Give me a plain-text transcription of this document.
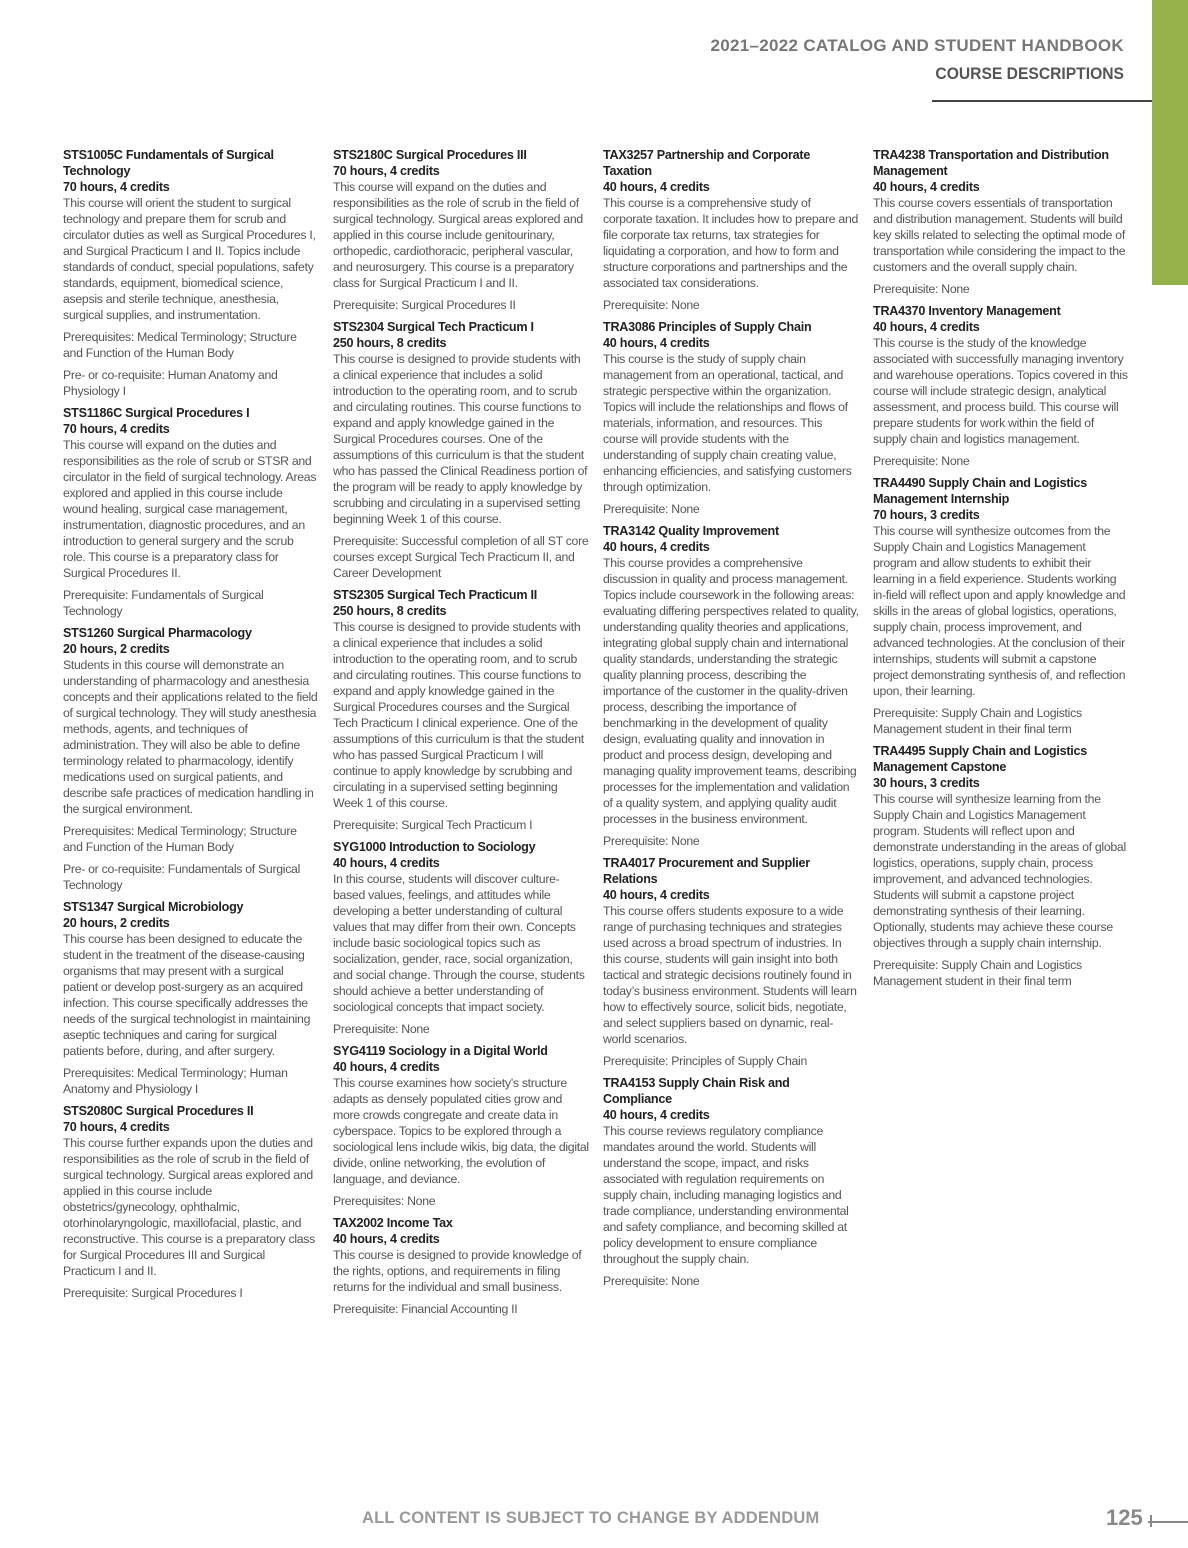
2021–2022 CATALOG AND STUDENT HANDBOOK
COURSE DESCRIPTIONS
STS1005C Fundamentals of Surgical Technology
70 hours, 4 credits
This course will orient the student to surgical technology and prepare them for scrub and circulator duties as well as Surgical Procedures I, and Surgical Practicum I and II. Topics include standards of conduct, special populations, safety standards, equipment, biomedical science, asepsis and sterile technique, anesthesia, surgical supplies, and instrumentation.
Prerequisites: Medical Terminology; Structure and Function of the Human Body
Pre- or co-requisite: Human Anatomy and Physiology I
STS1186C Surgical Procedures I
70 hours, 4 credits
This course will expand on the duties and responsibilities as the role of scrub or STSR and circulator in the field of surgical technology. Areas explored and applied in this course include wound healing, surgical case management, instrumentation, diagnostic procedures, and an introduction to general surgery and the scrub role. This course is a preparatory class for Surgical Procedures II.
Prerequisite: Fundamentals of Surgical Technology
STS1260 Surgical Pharmacology
20 hours, 2 credits
Students in this course will demonstrate an understanding of pharmacology and anesthesia concepts and their applications related to the field of surgical technology. They will study anesthesia methods, agents, and techniques of administration. They will also be able to define terminology related to pharmacology, identify medications used on surgical patients, and describe safe practices of medication handling in the surgical environment.
Prerequisites: Medical Terminology; Structure and Function of the Human Body
Pre- or co-requisite: Fundamentals of Surgical Technology
STS1347 Surgical Microbiology
20 hours, 2 credits
This course has been designed to educate the student in the treatment of the disease-causing organisms that may present with a surgical patient or develop post-surgery as an acquired infection. This course specifically addresses the needs of the surgical technologist in maintaining aseptic techniques and caring for surgical patients before, during, and after surgery.
Prerequisites: Medical Terminology; Human Anatomy and Physiology I
STS2080C Surgical Procedures II
70 hours, 4 credits
This course further expands upon the duties and responsibilities as the role of scrub in the field of surgical technology. Surgical areas explored and applied in this course include obstetrics/gynecology, ophthalmic, otorhinolaryngologic, maxillofacial, plastic, and reconstructive. This course is a preparatory class for Surgical Procedures III and Surgical Practicum I and II.
Prerequisite: Surgical Procedures I
STS2180C Surgical Procedures III
70 hours, 4 credits
This course will expand on the duties and responsibilities as the role of scrub in the field of surgical technology. Surgical areas explored and applied in this course include genitourinary, orthopedic, cardiothoracic, peripheral vascular, and neurosurgery. This course is a preparatory class for Surgical Practicum I and II.
Prerequisite: Surgical Procedures II
STS2304 Surgical Tech Practicum I
250 hours, 8 credits
This course is designed to provide students with a clinical experience that includes a solid introduction to the operating room, and to scrub and circulating routines. This course functions to expand and apply knowledge gained in the Surgical Procedures courses. One of the assumptions of this curriculum is that the student who has passed the Clinical Readiness portion of the program will be ready to apply knowledge by scrubbing and circulating in a supervised setting beginning Week 1 of this course.
Prerequisite: Successful completion of all ST core courses except Surgical Tech Practicum II, and Career Development
STS2305 Surgical Tech Practicum II
250 hours, 8 credits
This course is designed to provide students with a clinical experience that includes a solid introduction to the operating room, and to scrub and circulating routines. This course functions to expand and apply knowledge gained in the Surgical Procedures courses and the Surgical Tech Practicum I clinical experience. One of the assumptions of this curriculum is that the student who has passed Surgical Practicum I will continue to apply knowledge by scrubbing and circulating in a supervised setting beginning Week 1 of this course.
Prerequisite: Surgical Tech Practicum I
SYG1000 Introduction to Sociology
40 hours, 4 credits
In this course, students will discover culture-based values, feelings, and attitudes while developing a better understanding of cultural values that may differ from their own. Concepts include basic sociological topics such as socialization, gender, race, social organization, and social change. Through the course, students should achieve a better understanding of sociological concepts that impact society.
Prerequisite: None
SYG4119 Sociology in a Digital World
40 hours, 4 credits
This course examines how society’s structure adapts as densely populated cities grow and more crowds congregate and create data in cyberspace. Topics to be explored through a sociological lens include wikis, big data, the digital divide, online networking, the evolution of language, and deviance.
Prerequisites: None
TAX2002 Income Tax
40 hours, 4 credits
This course is designed to provide knowledge of the rights, options, and requirements in filing returns for the individual and small business.
Prerequisite: Financial Accounting II
TAX3257 Partnership and Corporate Taxation
40 hours, 4 credits
This course is a comprehensive study of corporate taxation. It includes how to prepare and file corporate tax returns, tax strategies for liquidating a corporation, and how to form and structure corporations and partnerships and the associated tax considerations.
Prerequisite: None
TRA3086 Principles of Supply Chain
40 hours, 4 credits
This course is the study of supply chain management from an operational, tactical, and strategic perspective within the organization. Topics will include the relationships and flows of materials, information, and resources. This course will provide students with the understanding of supply chain creating value, enhancing efficiencies, and satisfying customers through optimization.
Prerequisite: None
TRA3142 Quality Improvement
40 hours, 4 credits
This course provides a comprehensive discussion in quality and process management. Topics include coursework in the following areas: evaluating differing perspectives related to quality, understanding quality theories and applications, integrating global supply chain and international quality standards, understanding the strategic quality planning process, describing the importance of the customer in the quality-driven process, describing the importance of benchmarking in the development of quality design, evaluating quality and innovation in product and process design, developing and managing quality improvement teams, describing processes for the implementation and validation of a quality system, and applying quality audit processes in the business environment.
Prerequisite: None
TRA4017 Procurement and Supplier Relations
40 hours, 4 credits
This course offers students exposure to a wide range of purchasing techniques and strategies used across a broad spectrum of industries. In this course, students will gain insight into both tactical and strategic decisions routinely found in today’s business environment. Students will learn how to effectively source, solicit bids, negotiate, and select suppliers based on dynamic, real-world scenarios.
Prerequisite: Principles of Supply Chain
TRA4153 Supply Chain Risk and Compliance
40 hours, 4 credits
This course reviews regulatory compliance mandates around the world. Students will understand the scope, impact, and risks associated with regulation requirements on supply chain, including managing logistics and trade compliance, understanding environmental and safety compliance, and becoming skilled at policy development to ensure compliance throughout the supply chain.
Prerequisite: None
TRA4238 Transportation and Distribution Management
40 hours, 4 credits
This course covers essentials of transportation and distribution management. Students will build key skills related to selecting the optimal mode of transportation while considering the impact to the customers and the overall supply chain.
Prerequisite: None
TRA4370 Inventory Management
40 hours, 4 credits
This course is the study of the knowledge associated with successfully managing inventory and warehouse operations. Topics covered in this course will include strategic design, analytical assessment, and process build. This course will prepare students for work within the field of supply chain and logistics management.
Prerequisite: None
TRA4490 Supply Chain and Logistics Management Internship
70 hours, 3 credits
This course will synthesize outcomes from the Supply Chain and Logistics Management program and allow students to exhibit their learning in a field experience. Students working in-field will reflect upon and apply knowledge and skills in the areas of global logistics, operations, supply chain, process improvement, and advanced technologies. At the conclusion of their internships, students will submit a capstone project demonstrating synthesis of, and reflection upon, their learning.
Prerequisite: Supply Chain and Logistics Management student in their final term
TRA4495 Supply Chain and Logistics Management Capstone
30 hours, 3 credits
This course will synthesize learning from the Supply Chain and Logistics Management program. Students will reflect upon and demonstrate understanding in the areas of global logistics, operations, supply chain, process improvement, and advanced technologies. Students will submit a capstone project demonstrating synthesis of their learning. Optionally, students may achieve these course objectives through a supply chain internship.
Prerequisite: Supply Chain and Logistics Management student in their final term
ALL CONTENT IS SUBJECT TO CHANGE BY ADDENDUM	125
